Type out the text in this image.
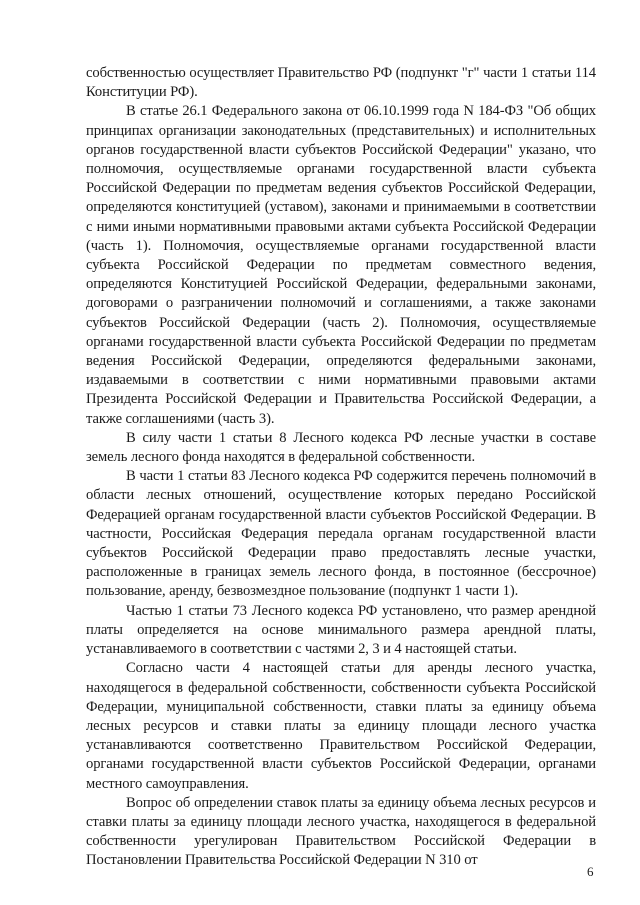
собственностью осуществляет Правительство РФ (подпункт "г" части 1 статьи 114 Конституции РФ).

В статье 26.1 Федерального закона от 06.10.1999 года N 184-ФЗ "Об общих принципах организации законодательных (представительных) и исполнительных органов государственной власти субъектов Российской Федерации" указано, что полномочия, осуществляемые органами государственной власти субъекта Российской Федерации по предметам ведения субъектов Российской Федерации, определяются конституцией (уставом), законами и принимаемыми в соответствии с ними иными нормативными правовыми актами субъекта Российской Федерации (часть 1). Полномочия, осуществляемые органами государственной власти субъекта Российской Федерации по предметам совместного ведения, определяются Конституцией Российской Федерации, федеральными законами, договорами о разграничении полномочий и соглашениями, а также законами субъектов Российской Федерации (часть 2). Полномочия, осуществляемые органами государственной власти субъекта Российской Федерации по предметам ведения Российской Федерации, определяются федеральными законами, издаваемыми в соответствии с ними нормативными правовыми актами Президента Российской Федерации и Правительства Российской Федерации, а также соглашениями (часть 3).

В силу части 1 статьи 8 Лесного кодекса РФ лесные участки в составе земель лесного фонда находятся в федеральной собственности.

В части 1 статьи 83 Лесного кодекса РФ содержится перечень полномочий в области лесных отношений, осуществление которых передано Российской Федерацией органам государственной власти субъектов Российской Федерации. В частности, Российская Федерация передала органам государственной власти субъектов Российской Федерации право предоставлять лесные участки, расположенные в границах земель лесного фонда, в постоянное (бессрочное) пользование, аренду, безвозмездное пользование (подпункт 1 части 1).

Частью 1 статьи 73 Лесного кодекса РФ установлено, что размер арендной платы определяется на основе минимального размера арендной платы, устанавливаемого в соответствии с частями 2, 3 и 4 настоящей статьи.

Согласно части 4 настоящей статьи для аренды лесного участка, находящегося в федеральной собственности, собственности субъекта Российской Федерации, муниципальной собственности, ставки платы за единицу объема лесных ресурсов и ставки платы за единицу площади лесного участка устанавливаются соответственно Правительством Российской Федерации, органами государственной власти субъектов Российской Федерации, органами местного самоуправления.

Вопрос об определении ставок платы за единицу объема лесных ресурсов и ставки платы за единицу площади лесного участка, находящегося в федеральной собственности урегулирован Правительством Российской Федерации в Постановлении Правительства Российской Федерации N 310 от

6
